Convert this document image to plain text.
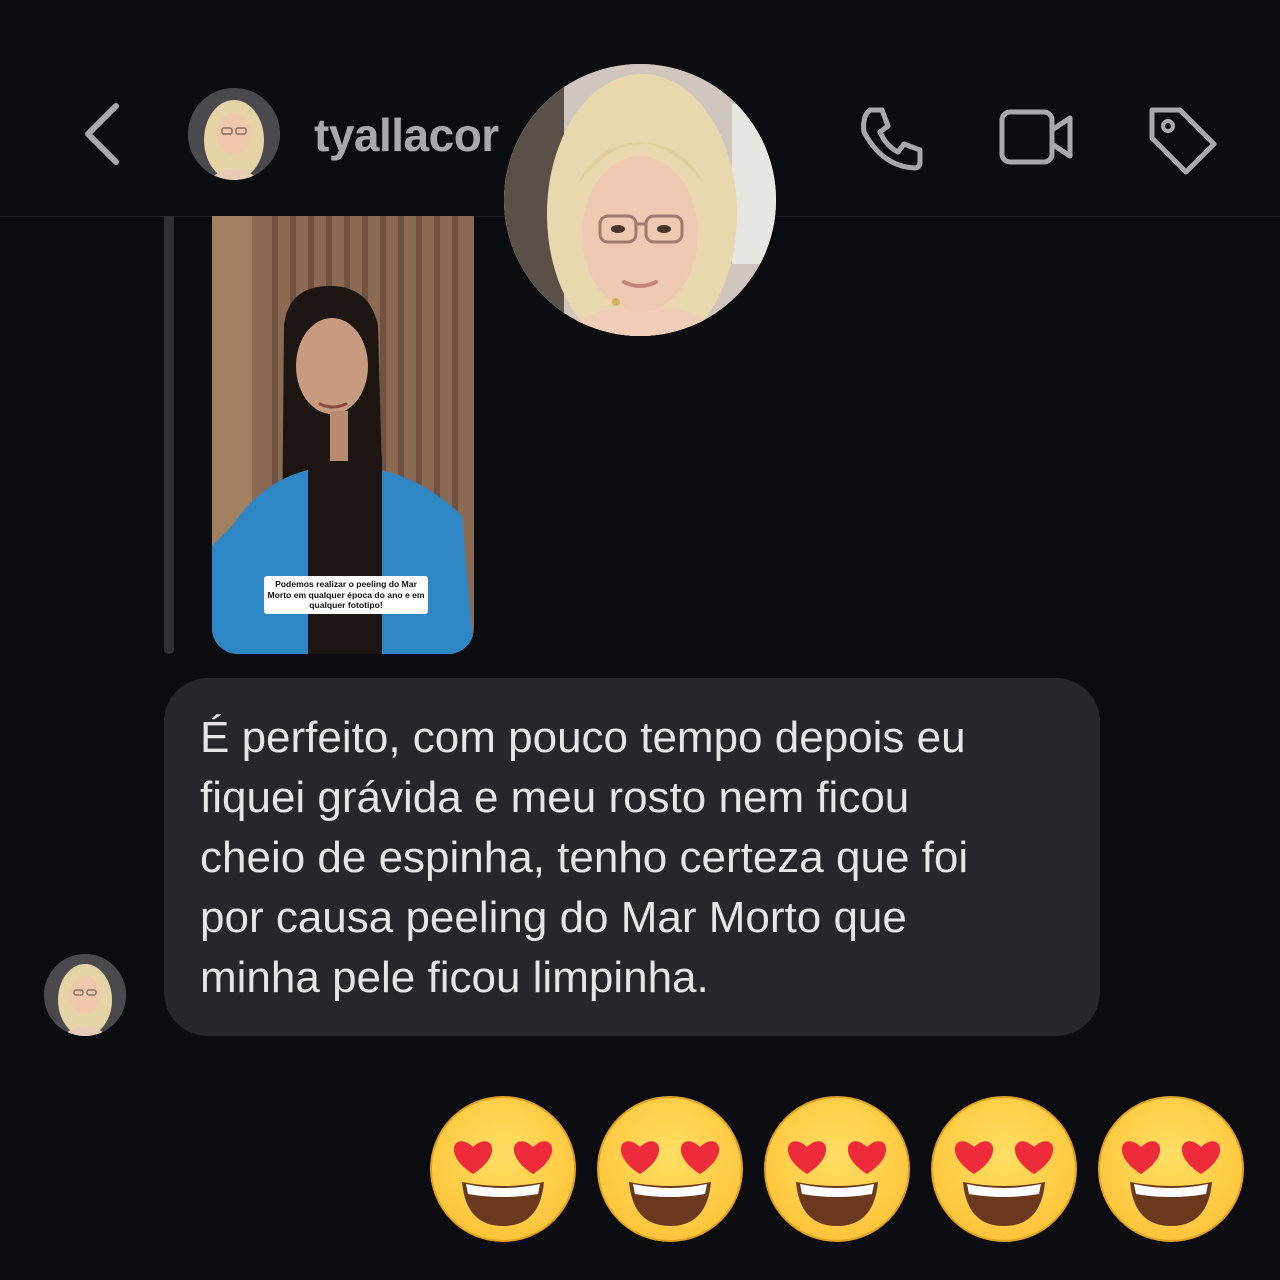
tyallacor
Podemos realizar o peeling do Mar Morto em qualquer época do ano e em qualquer fototipo!
É perfeito, com pouco tempo depois eu
fiquei grávida e meu rosto nem ficou
cheio de espinha, tenho certeza que foi
por causa peeling do Mar Morto que
minha pele ficou limpinha.
